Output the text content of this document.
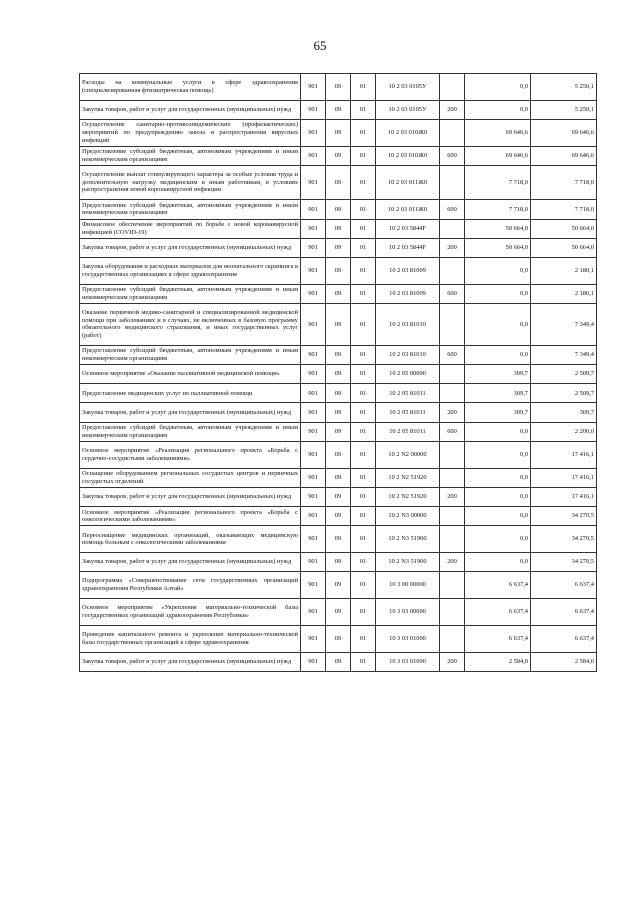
65
Расходы на коммунальные услуги в сфере здравоохранения (специализированная фтизиатрическая помощь)	901	09	01	10 2 03 0105У		0,0	5 250,1
Закупка товаров, работ и услуг для государственных (муниципальных) нужд	901	09	01	10 2 03 0105У	200	0,0	5 250,1
Осуществление санитарно-противоэпидемических (профилактических) мероприятий по предупреждению завоза и распространения вирусных инфекций	901	09	01	10 2 03 010Ж0		69 646,6	69 646,6
Предоставление субсидий бюджетным, автономным учреждениям и иным некоммерческим организациям	901	09	01	10 2 03 010Ж0	600	69 646,6	69 646,6
Осуществление выплат стимулирующего характера за особые условия труда и дополнительную нагрузку медицинским и иным работникам, в условиях распространения новой коронавирусной инфекции	901	09	01	10 2 03 011Ж0		7 718,0	7 718,0
Предоставление субсидий бюджетным, автономным учреждениям и иным некоммерческим организациям	901	09	01	10 2 03 011Ж0	600	7 718,0	7 718,0
Финансовое обеспечение мероприятий по борьбе с новой коронавирусной инфекцией (COVID-19)	901	09	01	10 2 03 5844F		50 664,0	50 664,0
Закупка товаров, работ и услуг для государственных (муниципальных) нужд	901	09	01	10 2 03 5844F	200	50 664,0	50 664,0
Закупка оборудования и расходных материалов для неонатального скрининга в государственных организациях в сфере здравоохранения	901	09	01	10 2 03 81009		0,0	2 180,1
Предоставление субсидий бюджетным, автономным учреждениям и иным некоммерческим организациям	901	09	01	10 2 03 81009	600	0,0	2 180,1
Оказание первичной медико-санитарной и специализированной медицинской помощи при заболеваниях и в случаях, не включенных в базовую программу обязательного медицинского страхования, и иных государственных услуг (работ)	901	09	01	10 2 03 81010		0,0	7 349,4
Предоставление субсидий бюджетным, автономным учреждениям и иным некоммерческим организациям	901	09	01	10 2 03 81010	600	0,0	7 349,4
Основное мероприятие «Оказание паллиативной медицинской помощи»	901	09	01	10 2 05 00000		309,7	2 509,7
Предоставление медицинских услуг по паллиативной помощи	901	09	01	10 2 05 81011		309,7	2 509,7
Закупка товаров, работ и услуг для государственных (муниципальных) нужд	901	09	01	10 2 05 81011	200	309,7	309,7
Предоставление субсидий бюджетным, автономным учреждениям и иным некоммерческим организациям	901	09	01	10 2 05 81011	600	0,0	2 200,0
Основное мероприятие «Реализация регионального проекта «Борьба с сердечно-сосудистыми заболеваниями»	901	09	01	10 2 N2 00000		0,0	17 416,1
Оснащение оборудованием региональных сосудистых центров и первичных сосудистых отделений	901	09	01	10 2 N2 51920		0,0	17 416,1
Закупка товаров, работ и услуг для государственных (муниципальных) нужд	901	09	01	10 2 N2 51920	200	0,0	17 416,1
Основное мероприятие «Реализация регионального проекта «Борьба с онкологическими заболеваниями»	901	09	01	10 2 N3 00000		0,0	34 270,5
Переоснащение медицинских организаций, оказывающих медицинскую помощь больным с онкологическими заболеваниями	901	09	01	10 2 N3 51900		0,0	34 270,5
Закупка товаров, работ и услуг для государственных (муниципальных) нужд	901	09	01	10 2 N3 51900	200	0,0	34 270,5
Подпрограмма «Совершенствование сети государственных организаций здравоохранения Республики Алтай»	901	09	01	10 3 00 00000		6 637,4	6 637,4
Основное мероприятие «Укрепление материально-технической базы государственных организаций здравоохранения Республики»	901	09	01	10 3 03 00000		6 637,4	6 637,4
Проведение капитального ремонта и укрепление материально-технической базы государственных организаций в сфере здравоохранения	901	09	01	10 3 03 01000		6 637,4	6 637,4
Закупка товаров, работ и услуг для государственных (муниципальных) нужд	901	09	01	10 3 03 01000	200	2 584,0	2 584,0
